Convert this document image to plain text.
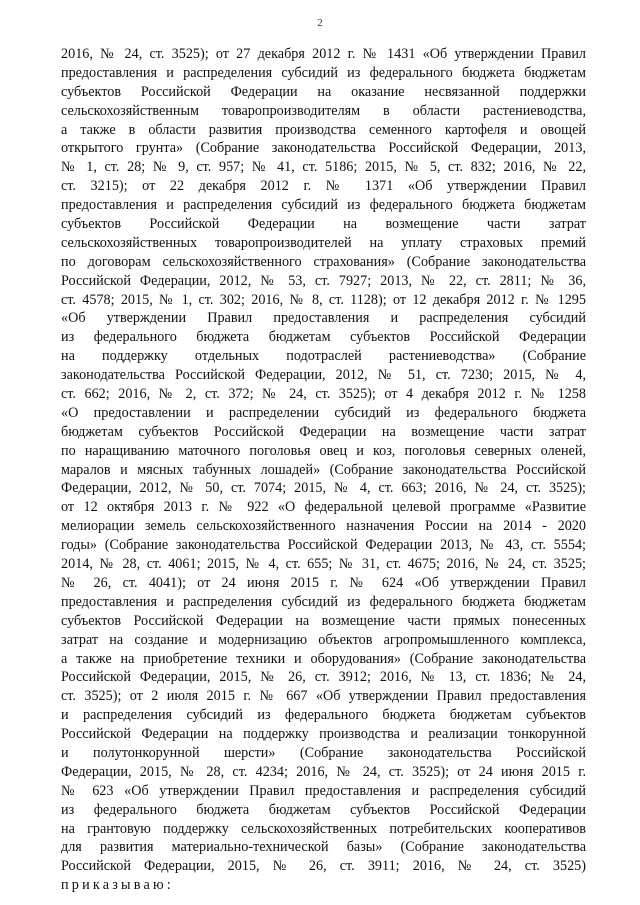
2
2016, № 24, ст. 3525); от 27 декабря 2012 г. № 1431 «Об утверждении Правил
предоставления и распределения субсидий из федерального бюджета бюджетам
субъектов Российской Федерации на оказание несвязанной поддержки
сельскохозяйственным товаропроизводителям в области растениеводства,
а также в области развития производства семенного картофеля и овощей
открытого грунта» (Собрание законодательства Российской Федерации, 2013,
№ 1, ст. 28; № 9, ст. 957; № 41, ст. 5186; 2015, № 5, ст. 832; 2016, № 22,
ст. 3215); от 22 декабря 2012 г. № 1371 «Об утверждении Правил
предоставления и распределения субсидий из федерального бюджета бюджетам
субъектов Российской Федерации на возмещение части затрат
сельскохозяйственных товаропроизводителей на уплату страховых премий
по договорам сельскохозяйственного страхования» (Собрание законодательства
Российской Федерации, 2012, № 53, ст. 7927; 2013, № 22, ст. 2811; № 36,
ст. 4578; 2015, № 1, ст. 302; 2016, № 8, ст. 1128); от 12 декабря 2012 г. № 1295
«Об утверждении Правил предоставления и распределения субсидий
из федерального бюджета бюджетам субъектов Российской Федерации
на поддержку отдельных подотраслей растениеводства» (Собрание
законодательства Российской Федерации, 2012, № 51, ст. 7230; 2015, № 4,
ст. 662; 2016, № 2, ст. 372; № 24, ст. 3525); от 4 декабря 2012 г. № 1258
«О предоставлении и распределении субсидий из федерального бюджета
бюджетам субъектов Российской Федерации на возмещение части затрат
по наращиванию маточного поголовья овец и коз, поголовья северных оленей,
маралов и мясных табунных лошадей» (Собрание законодательства Российской
Федерации, 2012, № 50, ст. 7074; 2015, № 4, ст. 663; 2016, № 24, ст. 3525);
от 12 октября 2013 г. № 922 «О федеральной целевой программе «Развитие
мелиорации земель сельскохозяйственного назначения России на 2014 - 2020
годы» (Собрание законодательства Российской Федерации 2013, № 43, ст. 5554;
2014, № 28, ст. 4061; 2015, № 4, ст. 655; № 31, ст. 4675; 2016, № 24, ст. 3525;
№ 26, ст. 4041); от 24 июня 2015 г. № 624 «Об утверждении Правил
предоставления и распределения субсидий из федерального бюджета бюджетам
субъектов Российской Федерации на возмещение части прямых понесенных
затрат на создание и модернизацию объектов агропромышленного комплекса,
а также на приобретение техники и оборудования» (Собрание законодательства
Российской Федерации, 2015, № 26, ст. 3912; 2016, № 13, ст. 1836; № 24,
ст. 3525); от 2 июля 2015 г. № 667 «Об утверждении Правил предоставления
и распределения субсидий из федерального бюджета бюджетам субъектов
Российской Федерации на поддержку производства и реализации тонкорунной
и полутонкорунной шерсти» (Собрание законодательства Российской
Федерации, 2015, № 28, ст. 4234; 2016, № 24, ст. 3525); от 24 июня 2015 г.
№ 623 «Об утверждении Правил предоставления и распределения субсидий
из федерального бюджета бюджетам субъектов Российской Федерации
на грантовую поддержку сельскохозяйственных потребительских кооперативов
для развития материально-технической базы» (Собрание законодательства
Российской Федерации, 2015, № 26, ст. 3911; 2016, № 24, ст. 3525)
приказываю:
